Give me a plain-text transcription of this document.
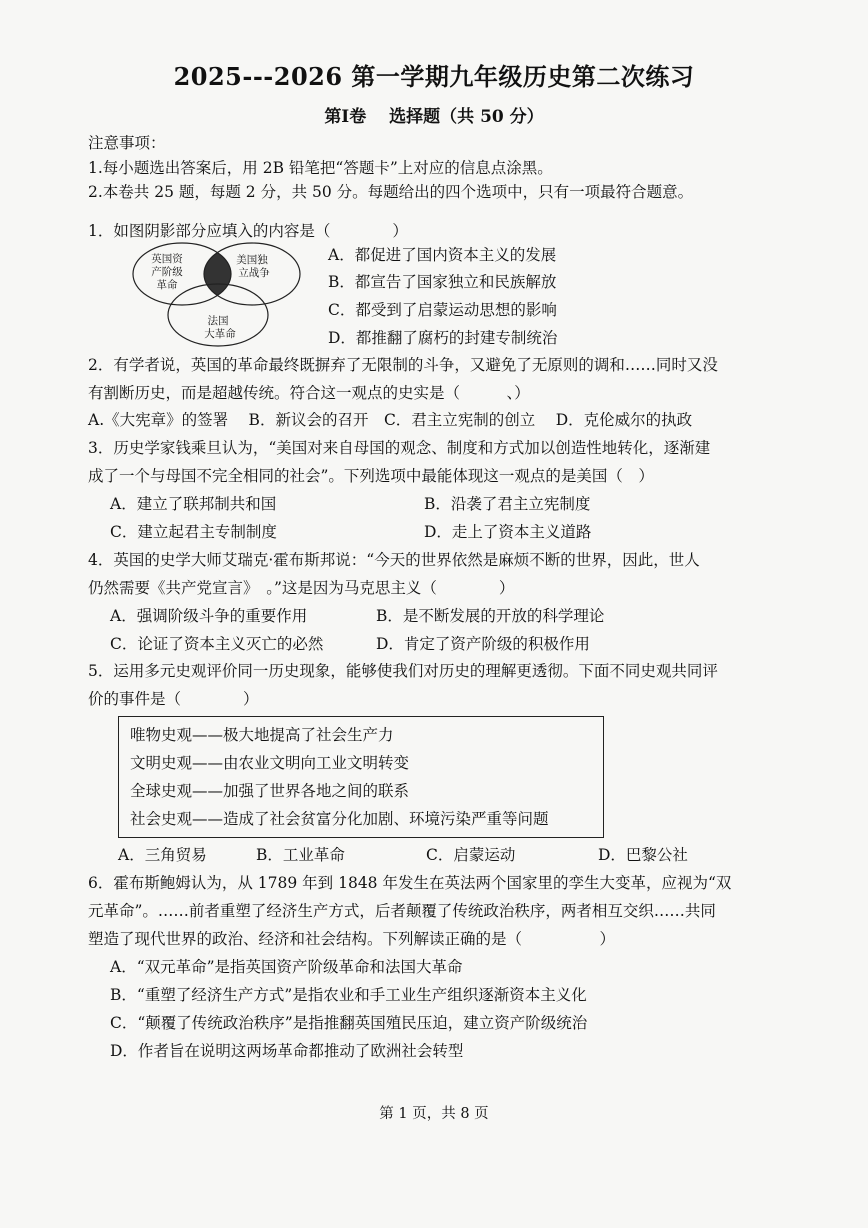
2025---2026 第一学期九年级历史第二次练习
第Ⅰ卷　 选择题（共 50 分）
注意事项：
1.每小题选出答案后，用 2B 铅笔把“答题卡”上对应的信息点涂黑。
2.本卷共 25 题，每题 2 分，共 50 分。每题给出的四个选项中，只有一项最符合题意。
1．如图阴影部分应填入的内容是（　　　　）
英国资
产阶级
革命
美国独
立战争
法国
大革命
A．都促进了国内资本主义的发展
B．都宣告了国家独立和民族解放
C．都受到了启蒙运动思想的影响
D．都推翻了腐朽的封建专制统治
2．有学者说，英国的革命最终既摒弃了无限制的斗争，又避免了无原则的调和……同时又没
有割断历史，而是超越传统。符合这一观点的史实是（　　　、）
A.《大宪章》的签署　 B．新议会的召开　C．君主立宪制的创立　 D．克伦威尔的执政
3．历史学家钱乘旦认为，“美国对来自母国的观念、制度和方式加以创造性地转化，逐渐建
成了一个与母国不完全相同的社会”。下列选项中最能体现这一观点的是美国（　）
A．建立了联邦制共和国	B．沿袭了君主立宪制度
C．建立起君主专制制度	D．走上了资本主义道路
4．英国的史学大师艾瑞克·霍布斯邦说：“今天的世界依然是麻烦不断的世界，因此，世人
仍然需要《共产党宣言》　。”这是因为马克思主义（　　　　）
A．强调阶级斗争的重要作用	B．是不断发展的开放的科学理论
C．论证了资本主义灭亡的必然	D．肯定了资产阶级的积极作用
5．运用多元史观评价同一历史现象，能够使我们对历史的理解更透彻。下面不同史观共同评
价的事件是（　　　　）
唯物史观——极大地提高了社会生产力
文明史观——由农业文明向工业文明转变
全球史观——加强了世界各地之间的联系
社会史观——造成了社会贫富分化加剧、环境污染严重等问题
A．三角贸易	B．工业革命	C．启蒙运动	D．巴黎公社
6．霍布斯鲍姆认为，从 1789 年到 1848 年发生在英法两个国家里的孪生大变革，应视为“双
元革命”。……前者重塑了经济生产方式，后者颠覆了传统政治秩序，两者相互交织……共同
塑造了现代世界的政治、经济和社会结构。下列解读正确的是（　　　　　）
A．“双元革命”是指英国资产阶级革命和法国大革命
B．“重塑了经济生产方式”是指农业和手工业生产组织逐渐资本主义化
C．“颠覆了传统政治秩序”是指推翻英国殖民压迫，建立资产阶级统治
D．作者旨在说明这两场革命都推动了欧洲社会转型
第 1 页，共 8 页
